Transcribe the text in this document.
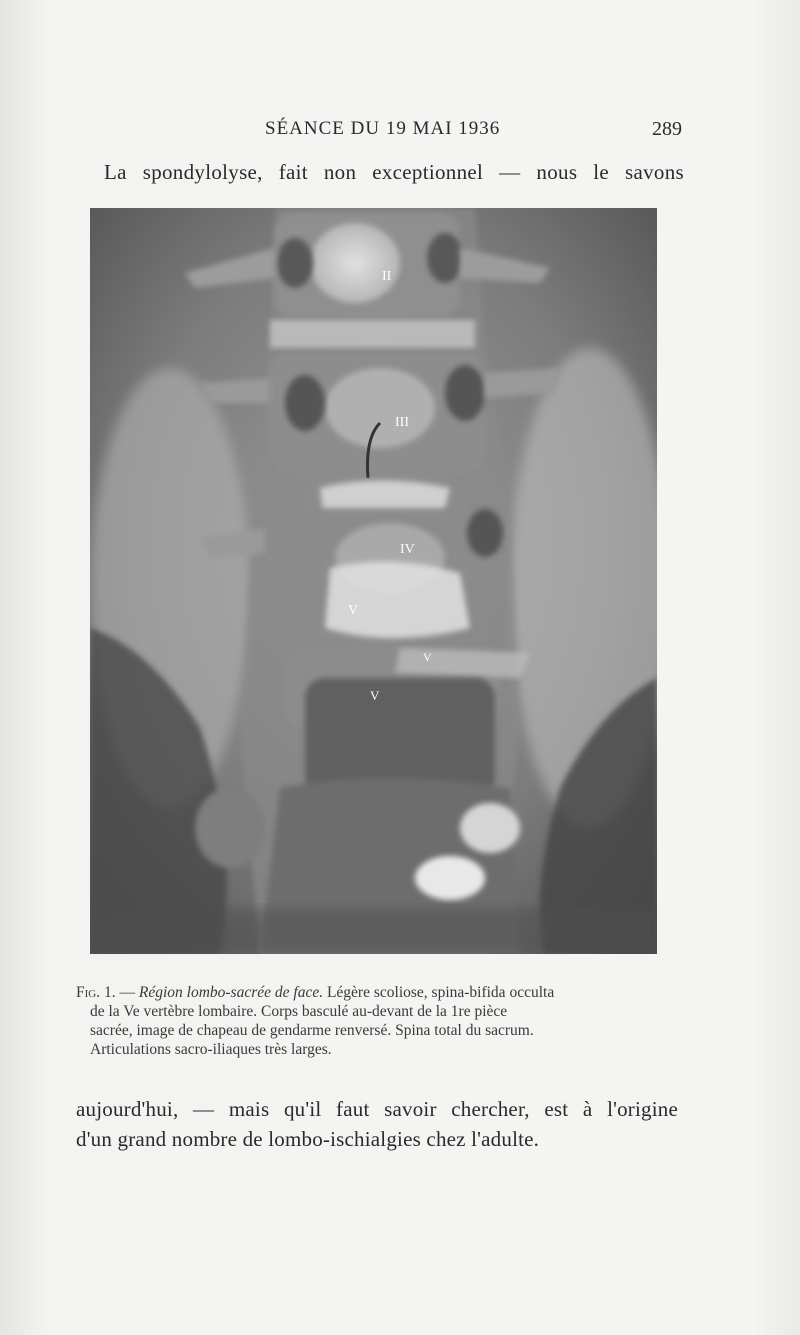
SÉANCE DU 19 MAI 1936	289
La spondylolyse, fait non exceptionnel — nous le savons
II
III
IV
V
V
V
Fig. 1. — Région lombo-sacrée de face. Légère scoliose, spina-bifida occulta
de la Ve vertèbre lombaire. Corps basculé au-devant de la 1re pièce
sacrée, image de chapeau de gendarme renversé. Spina total du sacrum.
Articulations sacro-iliaques très larges.
aujourd'hui, — mais qu'il faut savoir chercher, est à l'origine
d'un grand nombre de lombo-ischialgies chez l'adulte.
